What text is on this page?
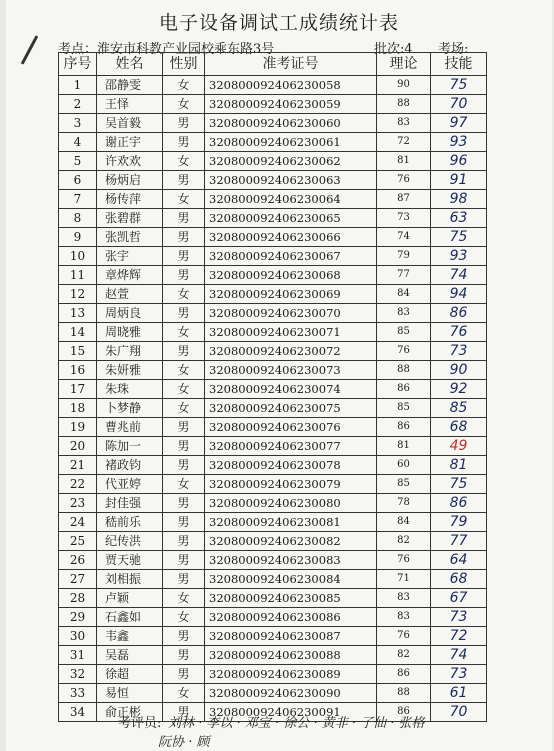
电子设备调试工成绩统计表
考点：淮安市科教产业园校乘东路3号	批次:4 考场:
序号	姓名	性别	准考证号	理论	技能
1	邵静雯	女	320800092406230058	90	75
2	王怿	女	320800092406230059	88	70
3	吴首毅	男	320800092406230060	83	97
4	谢正宇	男	320800092406230061	72	93
5	许欢欢	女	320800092406230062	81	96
6	杨炳启	男	320800092406230063	76	91
7	杨传萍	女	320800092406230064	87	98
8	张碧群	男	320800092406230065	73	63
9	张凯哲	男	320800092406230066	74	75
10	张宇	男	320800092406230067	79	93
11	章烨辉	男	320800092406230068	77	74
12	赵萱	女	320800092406230069	84	94
13	周炳良	男	320800092406230070	83	86
14	周晓雅	女	320800092406230071	85	76
15	朱广翔	男	320800092406230072	76	73
16	朱妍雅	女	320800092406230073	88	90
17	朱珠	女	320800092406230074	86	92
18	卜梦静	女	320800092406230075	85	85
19	曹兆前	男	320800092406230076	86	68
20	陈加一	男	320800092406230077	81	49
21	褚政钧	男	320800092406230078	60	81
22	代亚婷	女	320800092406230079	85	75
23	封佳强	男	320800092406230080	78	86
24	嵇前乐	男	320800092406230081	84	79
25	纪传洪	男	320800092406230082	82	77
26	贾天驰	男	320800092406230083	76	64
27	刘相振	男	320800092406230084	71	68
28	卢颖	女	320800092406230085	83	67
29	石鑫如	女	320800092406230086	83	73
30	韦鑫	男	320800092406230087	76	72
31	吴磊	男	320800092406230088	82	74
32	徐超	男	320800092406230089	86	73
33	易恒	女	320800092406230090	88	61
34	俞正彬	男	320800092406230091	86	70
考评员: 刘林 · 李以 · 邓宝 · 徐公 · 黄非 · 了仙 · 张格
阮协 · 顾
